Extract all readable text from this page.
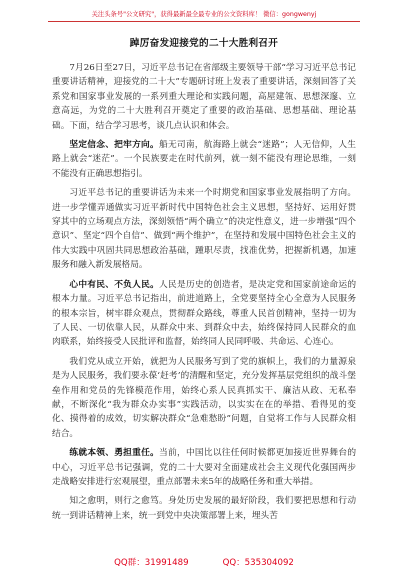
关注头条号"公文研究"，获得最新最全最专业的公文资料库！ 微信：gongwenyj
踔厉奋发迎接党的二十大胜利召开

7月26日至27日，习近平总书记在省部级主要领导干部“学习习近平总书记重要讲话精神，迎接党的二十大”专题研讨班上发表了重要讲话，深刻回答了关系党和国家事业发展的一系列重大理论和实践问题，高屋建瓴、思想深邃、立意高远，为党的二十大胜利召开奠定了重要的政治基础、思想基础、理论基础。下面，结合学习思考，谈几点认识和体会。

坚定信念、把牢方向。船无司南，航海路上就会“迷路”；人无信仰，人生路上就会“迷茫”。一个民族要走在时代前列，就一刻不能没有理论思维，一刻不能没有正确思想指引。

习近平总书记的重要讲话为未来一个时期党和国家事业发展指明了方向。进一步学懂弄通做实习近平新时代中国特色社会主义思想，坚持好、运用好贯穿其中的立场观点方法，深刻领悟“两个确立”的决定性意义，进一步增强“四个意识”、坚定“四个自信”、做到“两个维护”，在坚持和发展中国特色社会主义的伟大实践中巩固共同思想政治基础，踵职尽责，找准优势，把握新机遇，加速服务和融入新发展格局。

心中有民、不负人民。人民是历史的创造者，是决定党和国家前途命运的根本力量。习近平总书记指出，前进道路上，全党要坚持全心全意为人民服务的根本宗旨，树牢群众观点，贯彻群众路线，尊重人民首创精神，坚持一切为了人民、一切依靠人民，从群众中来、到群众中去，始终保持同人民群众的血肉联系，始终接受人民批评和监督，始终同人民同呼吸、共命运、心连心。

我们党从成立开始，就把为人民服务写到了党的旗帜上，我们的力量源泉是为人民服务，我们要永葆‘赶考’的清醒和坚定，充分发挥基层党组织的战斗堡垒作用和党员的先锋模范作用，始终心系人民真抓实干、廉洁从政、无私奉献，不断深化“我为群众办实事”实践活动，以实实在在的举措、看得见的变化、摸得着的成效，切实解决群众“急难愁盼”问题，自觉将工作与人民群众相结合。

练就本领、勇担重任。当前，中国比以往任何时候都更加接近世界舞台的中心，习近平总书记强调，党的二十大要对全面建成社会主义现代化强国两步走战略安排进行宏观展望，重点部署未来5年的战略任务和重大举措。

知之愈明，则行之愈笃。身处历史发展的最好阶段，我们要把思想和行动统一到讲话精神上来，统一到党中央决策部署上来，埋头苦

QQ群：31991489	QQ：535304092
